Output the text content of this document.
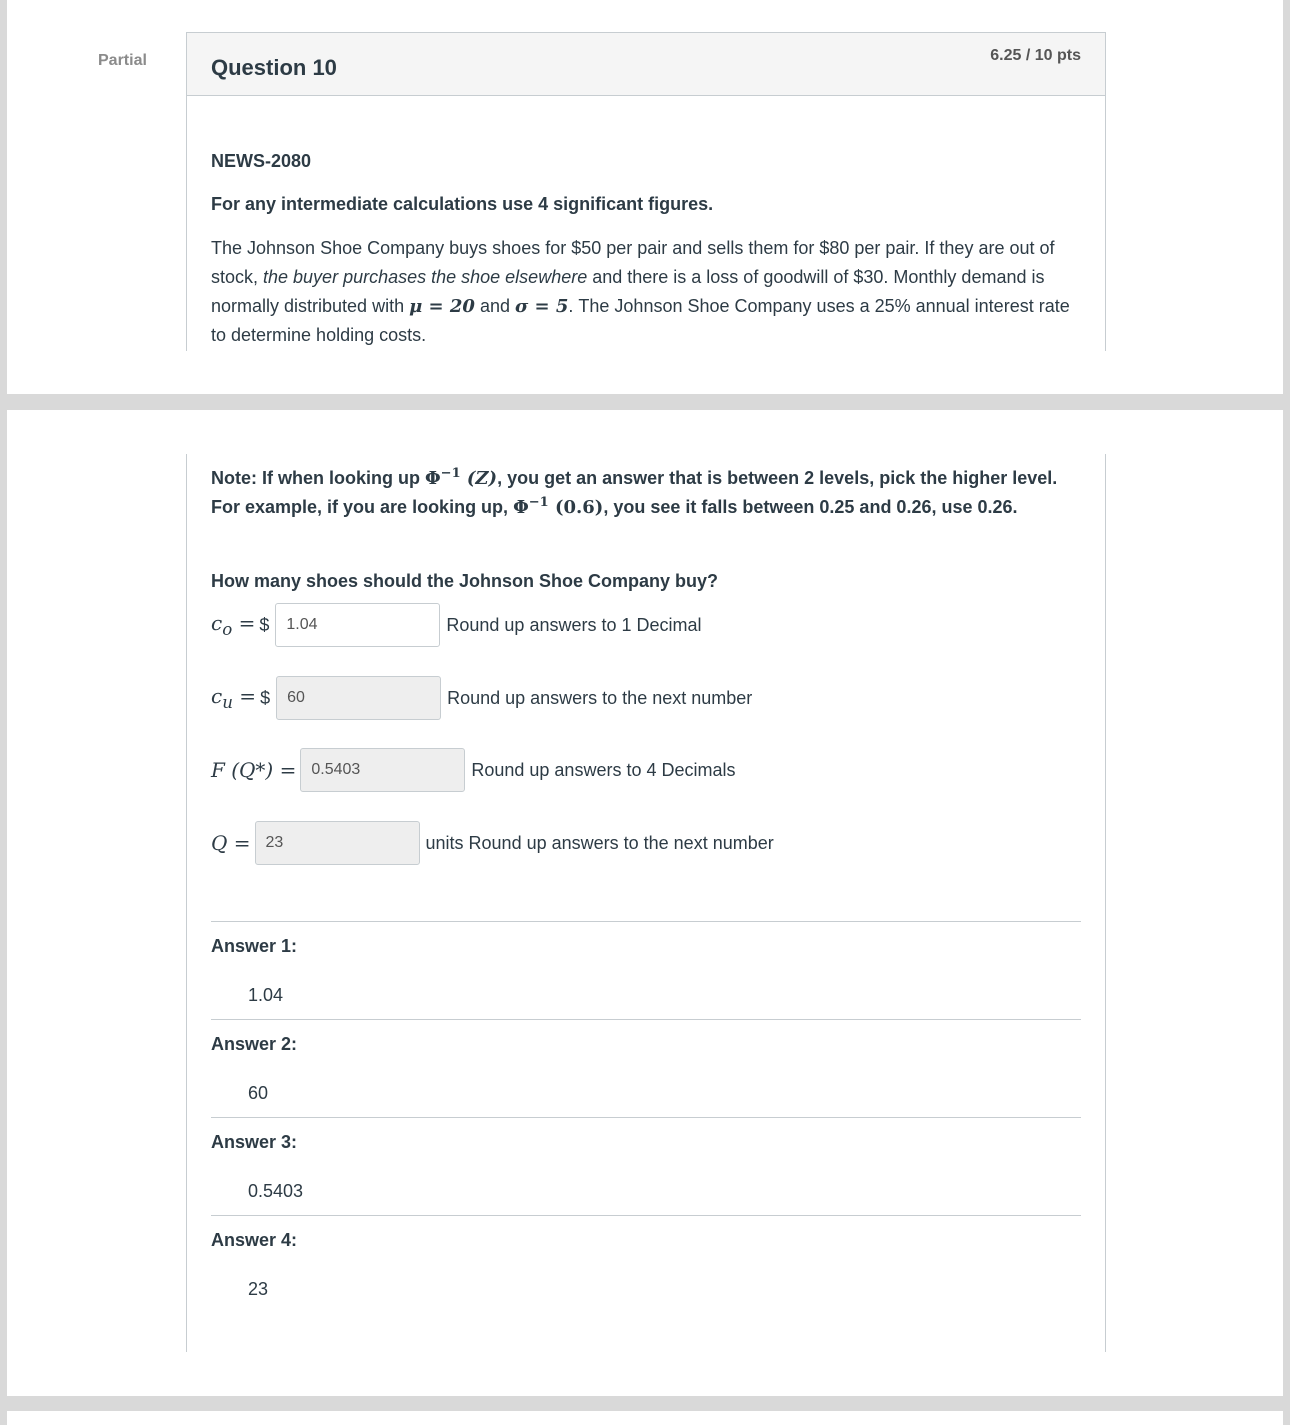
Partial	Question 10	6.25 / 10 pts

NEWS-2080

For any intermediate calculations use 4 significant figures.

The Johnson Shoe Company buys shoes for $50 per pair and sells them for $80 per pair. If they are out of stock, the buyer purchases the shoe elsewhere and there is a loss of goodwill of $30. Monthly demand is normally distributed with μ = 20 and σ = 5. The Johnson Shoe Company uses a 25% annual interest rate to determine holding costs.

Note: If when looking up $\Phi^{-1}$ (Z), you get an answer that is between 2 levels, pick the higher level. For example, if you are looking up, $\Phi^{-1}$ (0.6), you see it falls between 0.25 and 0.26, use 0.26.

How many shoes should the Johnson Shoe Company buy?

$c_o$ = $	1.04	Round up answers to 1 Decimal
$c_u$ = $	60	Round up answers to the next number
F (Q*) = 0.5403	Round up answers to 4 Decimals
Q = 23	units Round up answers to the next number
Answer 1:
1.04
Answer 2:
60
Answer 3:
0.5403
Answer 4:
23
